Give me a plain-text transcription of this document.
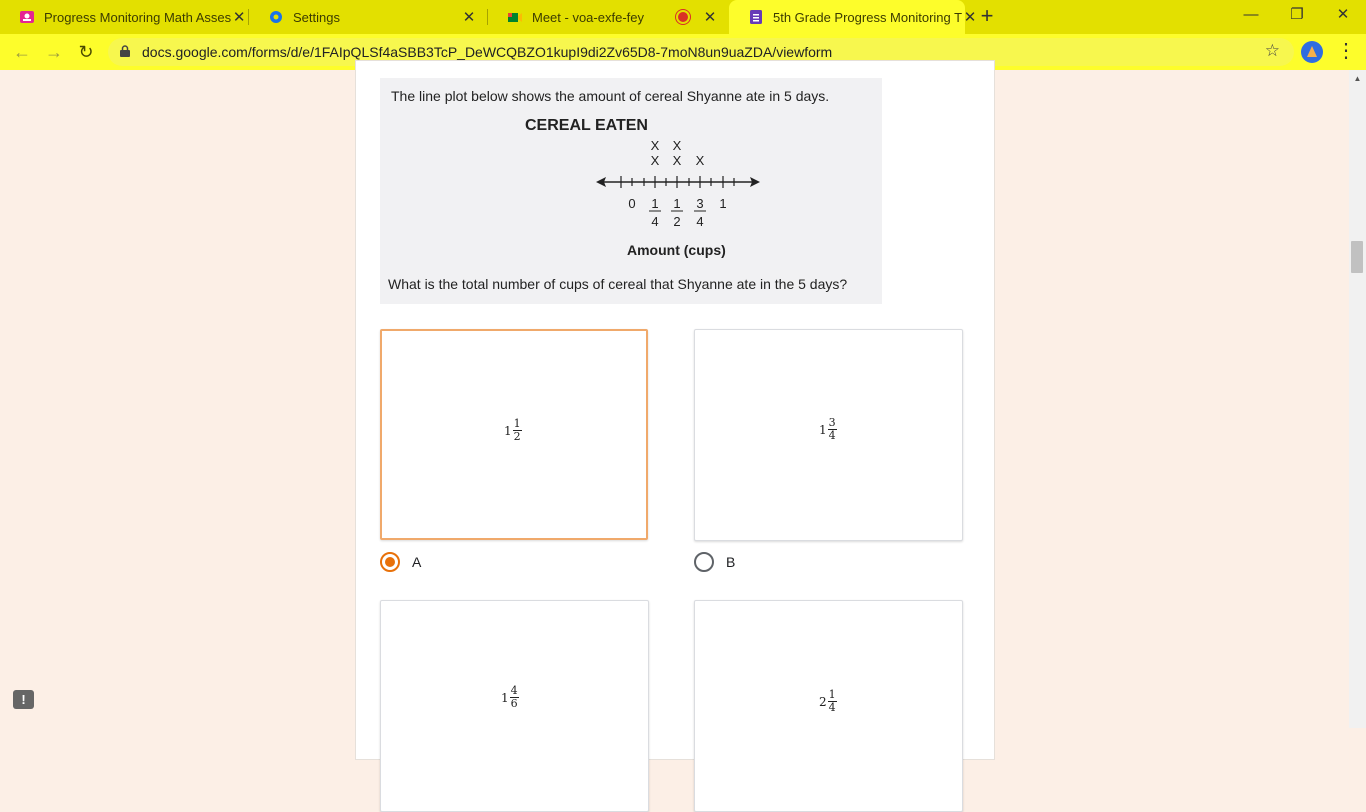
Progress Monitoring Math Asses ✕	Settings	✕	Meet - voa-exfe-fey	✕	5th Grade Progress Monitoring T ✕ +	—	❐	✕
← → ↻	docs.google.com/forms/d/e/1FAIpQLSf4aSBB3TcP_DeWCQBZO1kupI9di2Zv65D8-7moN8un9uaZDA/viewform	☆	⋮
The line plot below shows the amount of cereal Shyanne ate in 5 days.
CEREAL EATEN
X X
X X X
0 1
4
1
2
3
4
1
Amount (cups)
What is the total number of cups of cereal that Shyanne ate in the 5 days?
$1 \frac{1}{2}$
A
$1 \frac{3}{4}$
B
$1 \frac{4}{6}$	$2 \frac{1}{4}$
▲
!
